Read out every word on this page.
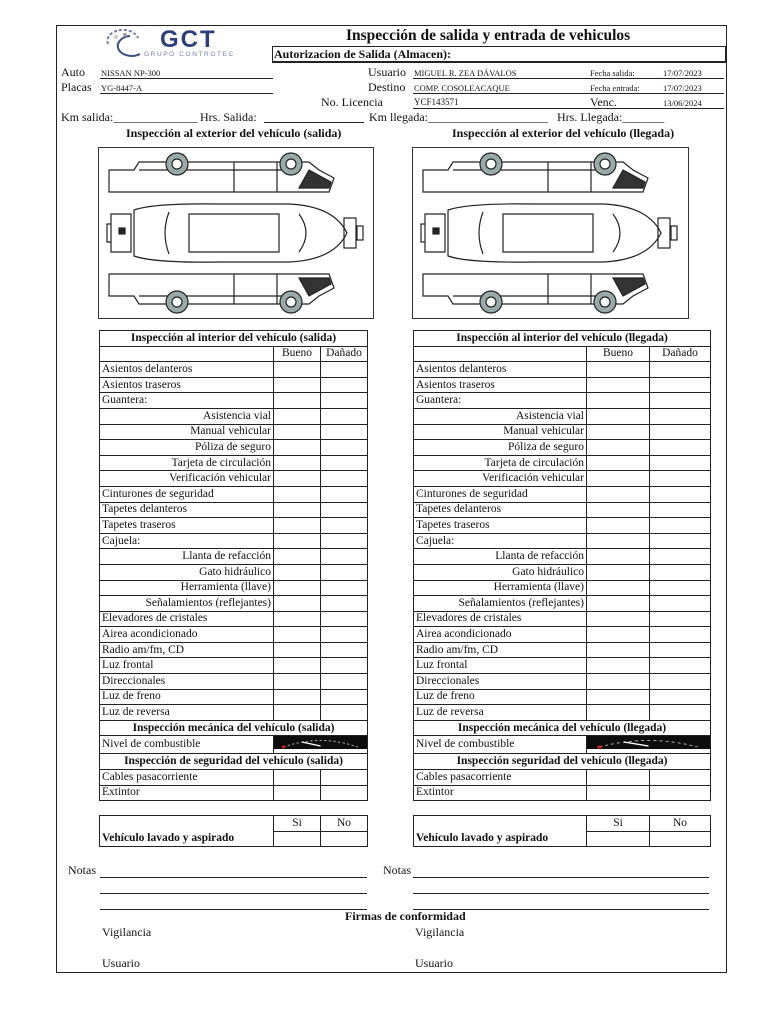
GCT
GRUPO CONTROTEC
Inspección de salida y entrada de vehiculos
Autorizacion de Salida (Almacen):
Auto NISSAN NP-300
Placas YG-8447-A
Usuario MIGUEL R. ZEA DÁVALOS
Destino COMP. COSOLEACAQUE
No. Licencia	YCF143571
Fecha salida:	17/07/2023
Fecha entrada:	17/07/2023
Venc.	13/06/2024
Km salida:______________ Hrs. Salida:	Km llegada:____________________ Hrs. Llegada:_______
Inspección al exterior del vehículo (salida)	Inspección al exterior del vehículo (llegada)
Inspección al interior del vehículo (salida)		
	Bueno	Dañado
Asientos delanteros		
Asientos traseros		
Guantera:		
Asistencia vial		
Manual vehicular		
Póliza de seguro		
Tarjeta de circulación		
Verificación vehicular		
Cinturones de seguridad		
Tapetes delanteros		
Tapetes traseros		
Cajuela:		
Llanta de refacción		
Gato hidráulico		
Herramienta (llave)		
Señalamientos (reflejantes)		
Elevadores de cristales		
Airea acondicionado		
Radio am/fm, CD		
Luz frontal		
Direccionales		
Luz de freno		
Luz de reversa		
Inspección mecánica del vehículo (salida)		
Nivel de combustible	
Inspección de seguridad del vehículo (salida)		
Cables pasacorriente		
Extintor		
Inspección al interior del vehículo (llegada)		
	Bueno	Dañado
Asientos delanteros		
Asientos traseros		
Guantera:		
Asistencia vial		
Manual vehicular		
Póliza de seguro		
Tarjeta de circulación		
Verificación vehicular		
Cinturones de seguridad		
Tapetes delanteros		
Tapetes traseros		
Cajuela:		
Llanta de refacción		
Gato hidráulico		
Herramienta (llave)		
Señalamientos (reflejantes)		
Elevadores de cristales		
Airea acondicionado		
Radio am/fm, CD		
Luz frontal		
Direccionales		
Luz de freno		
Luz de reversa		
Inspección mecánica del vehículo (llegada)		
Nivel de combustible	
Inspección seguridad del vehículo (llegada)		
Cables pasacorriente		
Extintor		
	Si	No
Vehículo lavado y aspirado		
	Si	No
Vehículo lavado y aspirado		
Notas	Notas
Firmas de conformidad
Vigilancia	Vigilancia
Usuario	Usuario
